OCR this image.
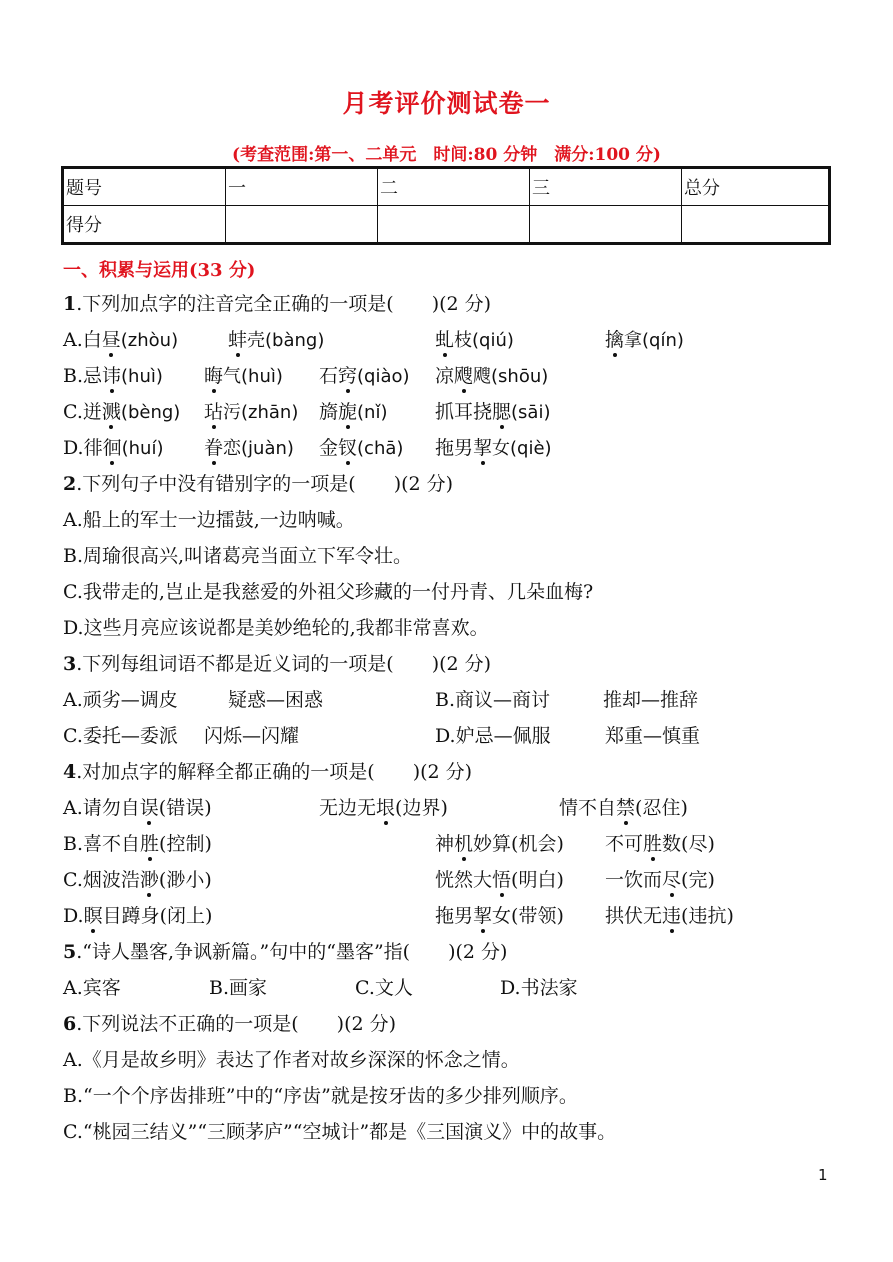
月考评价测试卷一
(考查范围:第一、二单元　时间:80 分钟　满分:100 分)
题号	一	二	三	总分
得分				
一、积累与运用(33 分)
1.下列加点字的注音完全正确的一项是(　　)(2 分)
A.白昼(zhòu)	蚌壳(bàng)	虬枝(qiú)	擒拿(qín)
B.忌讳(huì) 晦气(huì) 石窍(qiào) 凉飕飕(shōu)
C.迸溅(bèng) 玷污(zhān) 旖旎(nǐ)	抓耳挠腮(sāi)
D.徘徊(huí) 眷恋(juàn) 金钗(chā) 拖男挈女(qiè)
2.下列句子中没有错别字的一项是(　　)(2 分)
A.船上的军士一边擂鼓,一边呐喊。
B.周瑜很高兴,叫诸葛亮当面立下军令壮。
C.我带走的,岂止是我慈爱的外祖父珍藏的一付丹青、几朵血梅?
D.这些月亮应该说都是美妙绝轮的,我都非常喜欢。
3.下列每组词语不都是近义词的一项是(　　)(2 分)
A.顽劣—调皮	疑惑—困惑	B.商议—商讨	推却—推辞
C.委托—委派 闪烁—闪耀	D.妒忌—佩服	郑重—慎重
4.对加点字的解释全都正确的一项是(　　)(2 分)
A.请勿自误(错误)	无边无垠(边界)	情不自禁(忍住)
B.喜不自胜(控制)	神机妙算(机会) 不可胜数(尽)
C.烟波浩渺(渺小)	恍然大悟(明白) 一饮而尽(完)
D.瞑目蹲身(闭上)	拖男挈女(带领) 拱伏无违(违抗)
5.“诗人墨客,争讽新篇。”句中的“墨客”指(　　)(2 分)
A.宾客	B.画家	C.文人	D.书法家
6.下列说法不正确的一项是(　　)(2 分)
A.《月是故乡明》表达了作者对故乡深深的怀念之情。
B.“一个个序齿排班”中的“序齿”就是按牙齿的多少排列顺序。
C.“桃园三结义”“三顾茅庐”“空城计”都是《三国演义》中的故事。
1
